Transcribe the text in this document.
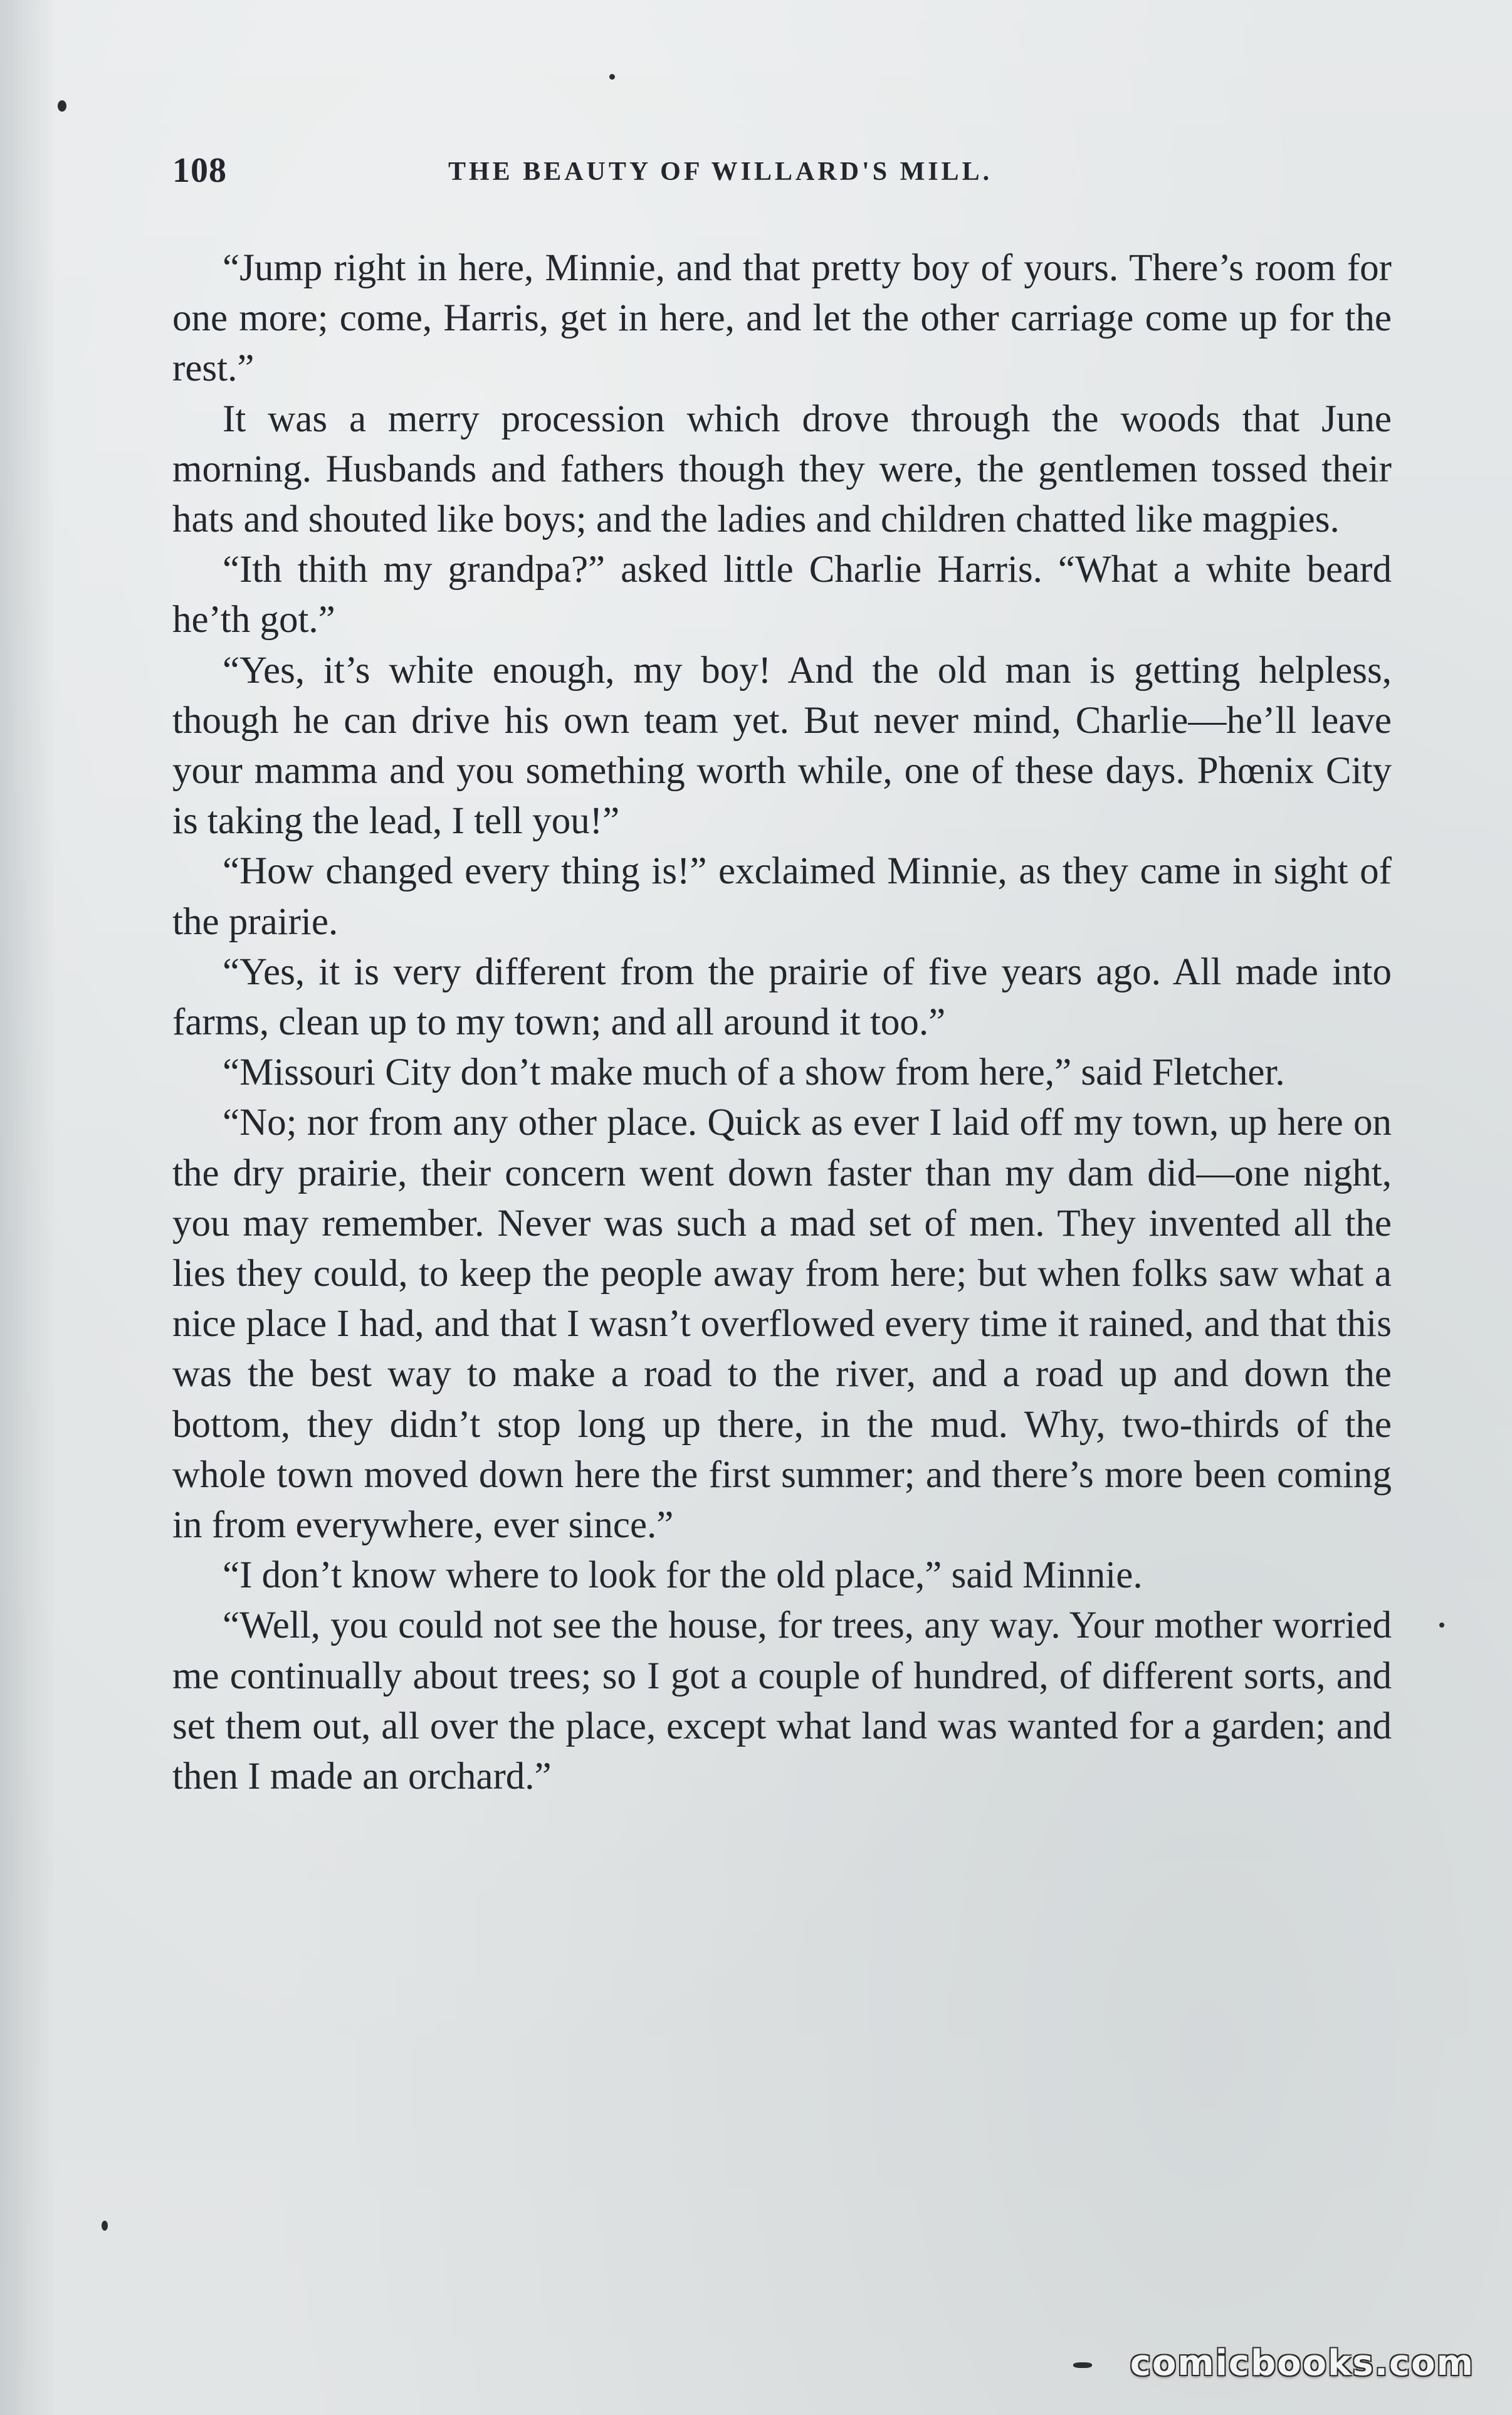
108	THE BEAUTY OF WILLARD'S MILL.

“Jump right in here, Minnie, and that pretty boy of yours. There’s room for one more; come, Harris, get in here, and let the other carriage come up for the rest.”

It was a merry procession which drove through the woods that June morning. Husbands and fathers though they were, the gentlemen tossed their hats and shouted like boys; and the ladies and children chatted like magpies.

“Ith thith my grandpa?” asked little Charlie Harris. “What a white beard he’th got.”

“Yes, it’s white enough, my boy! And the old man is getting helpless, though he can drive his own team yet. But never mind, Charlie—he’ll leave your mamma and you something worth while, one of these days. Phœnix City is taking the lead, I tell you!”

“How changed every thing is!” exclaimed Minnie, as they came in sight of the prairie.

“Yes, it is very different from the prairie of five years ago. All made into farms, clean up to my town; and all around it too.”

“Missouri City don’t make much of a show from here,” said Fletcher.

“No; nor from any other place. Quick as ever I laid off my town, up here on the dry prairie, their concern went down faster than my dam did—one night, you may remember. Never was such a mad set of men. They invented all the lies they could, to keep the people away from here; but when folks saw what a nice place I had, and that I wasn’t overflowed every time it rained, and that this was the best way to make a road to the river, and a road up and down the bottom, they didn’t stop long up there, in the mud. Why, two-thirds of the whole town moved down here the first summer; and there’s more been coming in from everywhere, ever since.”

“I don’t know where to look for the old place,” said Minnie.

“Well, you could not see the house, for trees, any way. Your mother worried me continually about trees; so I got a couple of hundred, of different sorts, and set them out, all over the place, except what land was wanted for a garden; and then I made an orchard.”

comicbooks.com
